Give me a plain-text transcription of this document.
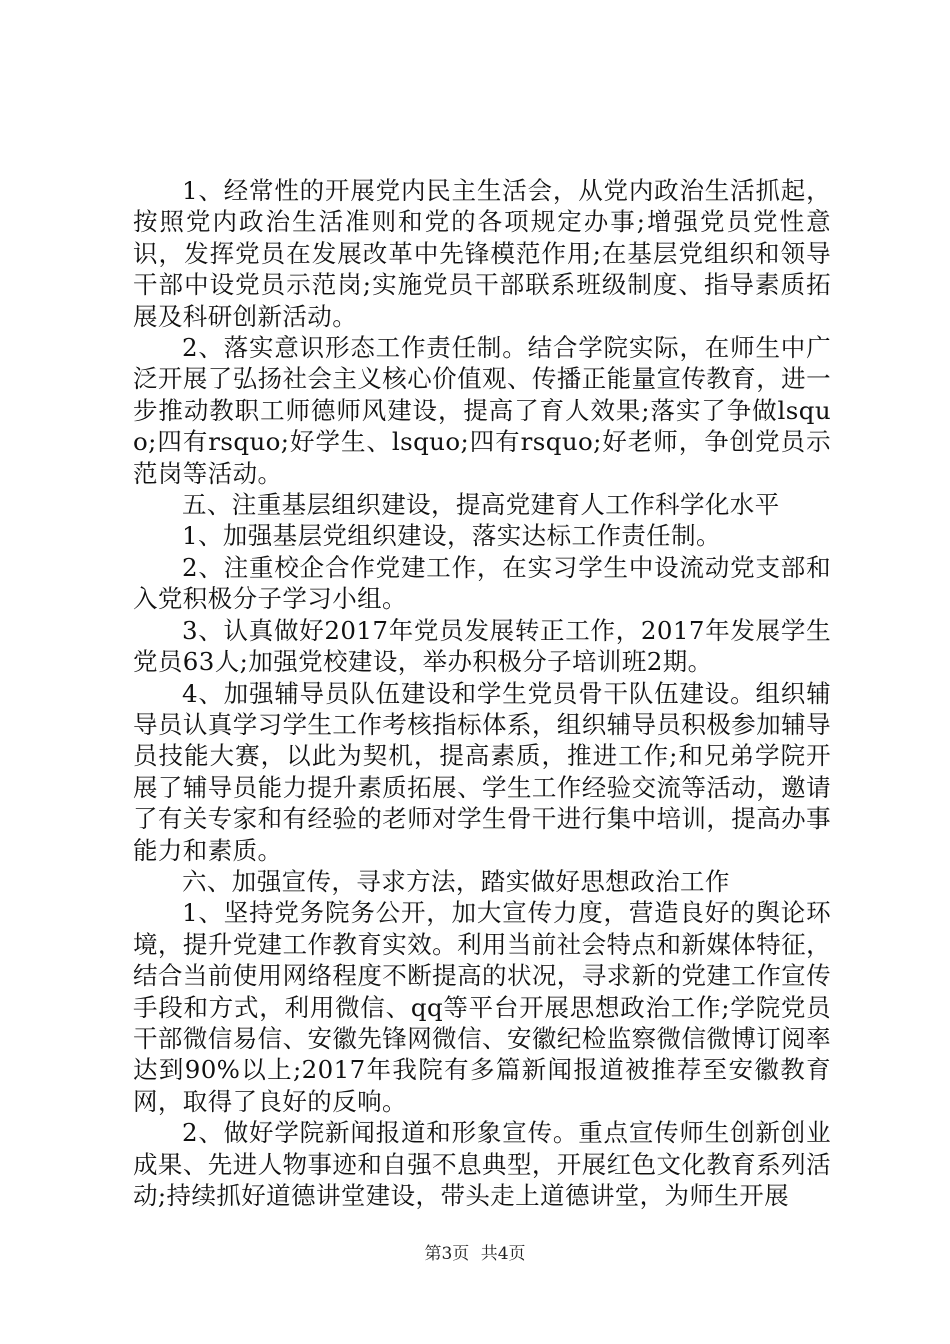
1、经常性的开展党内民主生活会，从党内政治生活抓起，按照党内政治生活准则和党的各项规定办事;增强党员党性意识，发挥党员在发展改革中先锋模范作用;在基层党组织和领导干部中设党员示范岗;实施党员干部联系班级制度、指导素质拓展及科研创新活动。

2、落实意识形态工作责任制。结合学院实际，在师生中广泛开展了弘扬社会主义核心价值观、传播正能量宣传教育，进一步推动教职工师德师风建设，提高了育人效果;落实了争做lsquo;四有rsquo;好学生、lsquo;四有rsquo;好老师，争创党员示范岗等活动。

五、注重基层组织建设，提高党建育人工作科学化水平

1、加强基层党组织建设，落实达标工作责任制。

2、注重校企合作党建工作，在实习学生中设流动党支部和入党积极分子学习小组。

3、认真做好2017年党员发展转正工作，2017年发展学生党员63人;加强党校建设，举办积极分子培训班2期。

4、加强辅导员队伍建设和学生党员骨干队伍建设。组织辅导员认真学习学生工作考核指标体系，组织辅导员积极参加辅导员技能大赛，以此为契机，提高素质，推进工作;和兄弟学院开展了辅导员能力提升素质拓展、学生工作经验交流等活动，邀请了有关专家和有经验的老师对学生骨干进行集中培训，提高办事能力和素质。

六、加强宣传，寻求方法，踏实做好思想政治工作

1、坚持党务院务公开，加大宣传力度，营造良好的舆论环境，提升党建工作教育实效。利用当前社会特点和新媒体特征，结合当前使用网络程度不断提高的状况，寻求新的党建工作宣传手段和方式，利用微信、qq等平台开展思想政治工作;学院党员干部微信易信、安徽先锋网微信、安徽纪检监察微信微博订阅率达到90%以上;2017年我院有多篇新闻报道被推荐至安徽教育网，取得了良好的反响。

2、做好学院新闻报道和形象宣传。重点宣传师生创新创业成果、先进人物事迹和自强不息典型，开展红色文化教育系列活动;持续抓好道德讲堂建设，带头走上道德讲堂，为师生开展

第3页 共4页
